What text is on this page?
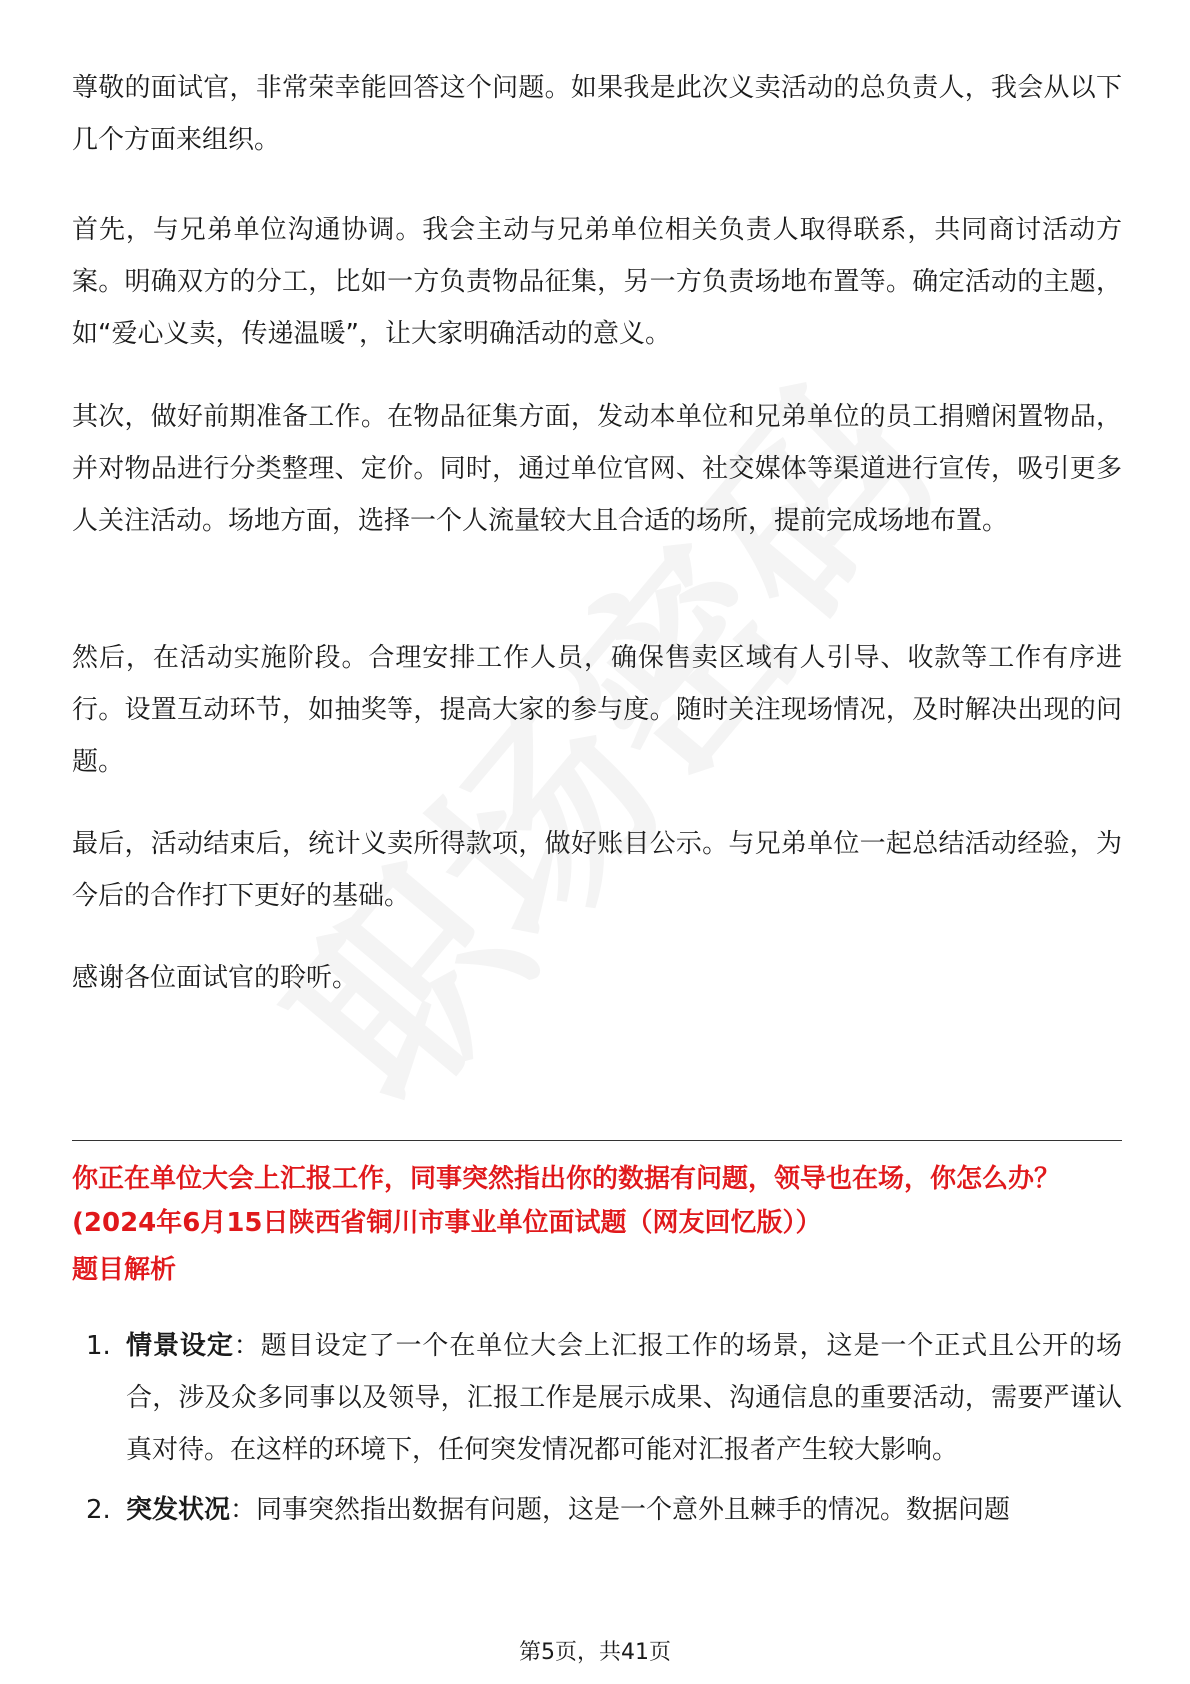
尊敬的面试官，非常荣幸能回答这个问题。如果我是此次义卖活动的总负责人，我会从以下几个方面来组织。

首先，与兄弟单位沟通协调。我会主动与兄弟单位相关负责人取得联系，共同商讨活动方案。明确双方的分工，比如一方负责物品征集，另一方负责场地布置等。确定活动的主题，如“爱心义卖，传递温暖”，让大家明确活动的意义。

其次，做好前期准备工作。在物品征集方面，发动本单位和兄弟单位的员工捐赠闲置物品，并对物品进行分类整理、定价。同时，通过单位官网、社交媒体等渠道进行宣传，吸引更多人关注活动。场地方面，选择一个人流量较大且合适的场所，提前完成场地布置。

然后，在活动实施阶段。合理安排工作人员，确保售卖区域有人引导、收款等工作有序进行。设置互动环节，如抽奖等，提高大家的参与度。随时关注现场情况，及时解决出现的问题。

最后，活动结束后，统计义卖所得款项，做好账目公示。与兄弟单位一起总结活动经验，为今后的合作打下更好的基础。

感谢各位面试官的聆听。

你正在单位大会上汇报工作，同事突然指出你的数据有问题，领导也在场，你怎么办？(2024年6月15日陕西省铜川市事业单位面试题（网友回忆版））

题目解析

1. 情景设定：题目设定了一个在单位大会上汇报工作的场景，这是一个正式且公开的场合，涉及众多同事以及领导，汇报工作是展示成果、沟通信息的重要活动，需要严谨认真对待。在这样的环境下，任何突发情况都可能对汇报者产生较大影响。
2. 突发状况：同事突然指出数据有问题，这是一个意外且棘手的情况。数据问题
第5页，共41页
